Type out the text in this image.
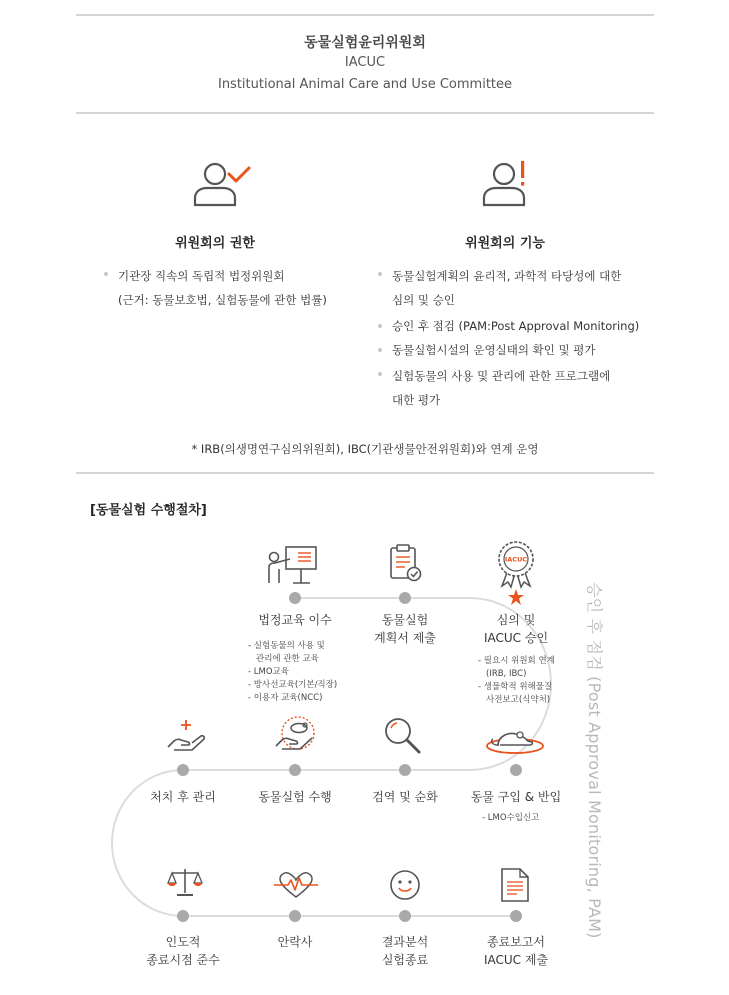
동물실험윤리위원회
IACUC
Institutional Animal Care and Use Committee
위원회의 권한
기관장 직속의 독립적 법정위원회
(근거: 동물보호법, 실험동물에 관한 법률)
위원회의 기능
동물실험계획의 윤리적, 과학적 타당성에 대한
심의 및 승인
승인 후 점검 (PAM:Post Approval Monitoring)
동물실험시설의 운영실태의 확인 및 평가
실험동물의 사용 및 관리에 관한 프로그램에
대한 평가
* IRB(의생명연구심의위원회), IBC(기관생물안전위원회)와 연계 운영
[동물실험 수행절차]
IACUC
법정교육 이수	동물실험
계획서 제출
심의 및
IACUC 승인
- 실험동물의 사용 및
관리에 관한 교육
- LMO교육
- 방사선교육(기본/직장)
- 이용자 교육(NCC)
- 필요시 위원회 연계
(IRB, IBC)
- 생물학적 위해물질
사전보고(식약처)
처치 후 관리	동물실험 수행	검역 및 순화	동물 구입 & 반입
- LMO수입신고
인도적
종료시점 준수
안락사	결과분석
실험종료
종료보고서
IACUC 제출
승인 후 점검 (Post Approval Monitoring, PAM)
